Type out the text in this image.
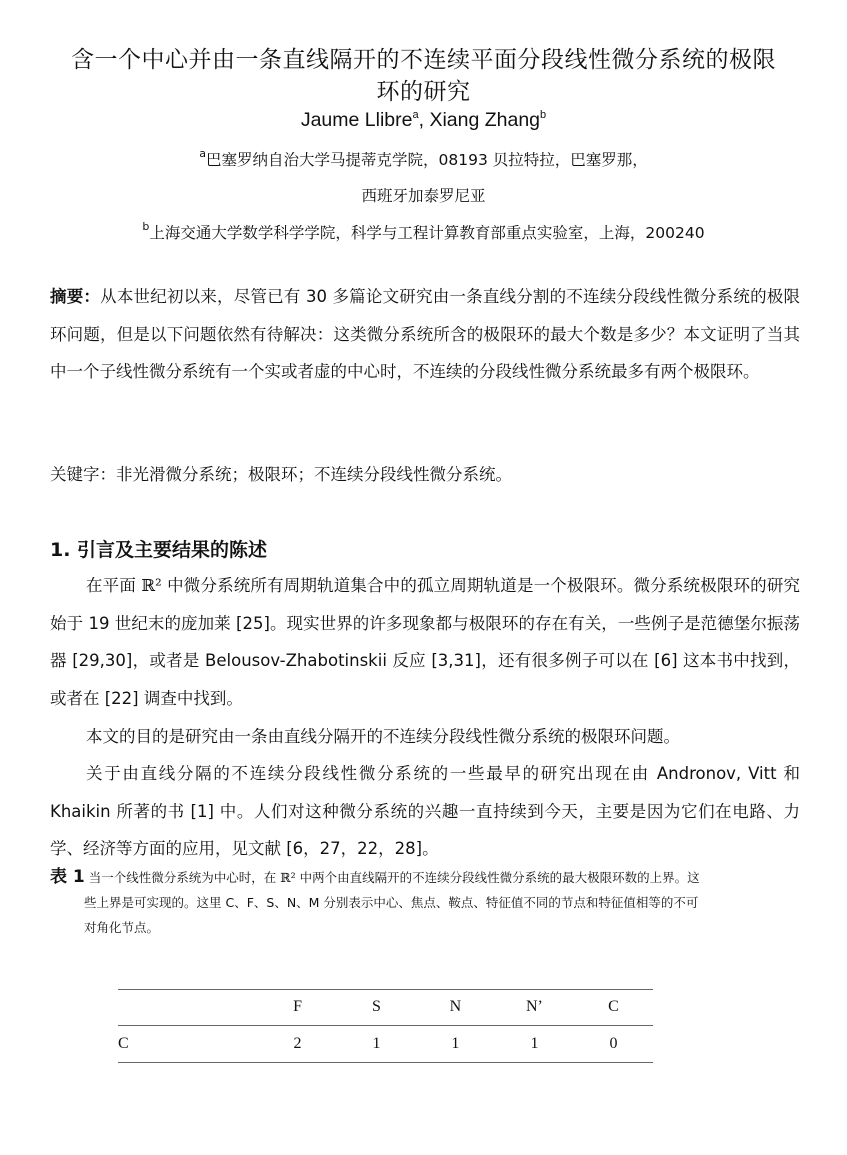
含一个中心并由一条直线隔开的不连续平面分段线性微分系统的极限
环的研究
Jaume Llibre$^a$, Xiang Zhang$^b$
$^a$巴塞罗纳自治大学马提蒂克学院，08193 贝拉特拉，巴塞罗那，
西班牙加泰罗尼亚
$^b$上海交通大学数学科学学院，科学与工程计算教育部重点实验室，上海，200240
摘要：从本世纪初以来，尽管已有 30 多篇论文研究由一条直线分割的不连续分段线性微分系统的极限环问题，但是以下问题依然有待解决：这类微分系统所含的极限环的最大个数是多少？本文证明了当其中一个子线性微分系统有一个实或者虚的中心时，不连续的分段线性微分系统最多有两个极限环。
关键字：非光滑微分系统；极限环；不连续分段线性微分系统。
1. 引言及主要结果的陈述
在平面 ℝ² 中微分系统所有周期轨道集合中的孤立周期轨道是一个极限环。微分系统极限环的研究始于 19 世纪末的庞加莱 [25]。现实世界的许多现象都与极限环的存在有关，一些例子是范德堡尔振荡器 [29,30]，或者是 Belousov-Zhabotinskii 反应 [3,31]，还有很多例子可以在 [6] 这本书中找到，或者在 [22] 调查中找到。
本文的目的是研究由一条由直线分隔开的不连续分段线性微分系统的极限环问题。
关于由直线分隔的不连续分段线性微分系统的一些最早的研究出现在由 Andronov, Vitt 和 Khaikin 所著的书 [1] 中。人们对这种微分系统的兴趣一直持续到今天，主要是因为它们在电路、力学、经济等方面的应用，见文献 [6，27，22，28]。
表 1 当一个线性微分系统为中心时，在 ℝ² 中两个由直线隔开的不连续分段线性微分系统的最大极限环数的上界。这
些上界是可实现的。这里 C、F、S、N、M 分别表示中心、焦点、鞍点、特征值不同的节点和特征值相等的不可
对角化节点。
	F	S	N	N’	C
C	2	1	1	1	0
